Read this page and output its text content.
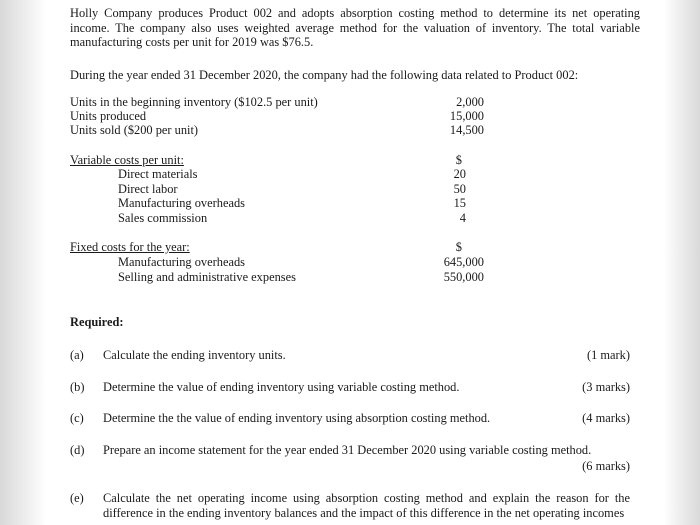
Holly Company produces Product 002 and adopts absorption costing method to determine its net operating income. The company also uses weighted average method for the valuation of inventory. The total variable manufacturing costs per unit for 2019 was $76.5.
During the year ended 31 December 2020, the company had the following data related to Product 002:
Units in the beginning inventory ($102.5 per unit)	2,000
Units produced	15,000
Units sold ($200 per unit)	14,500
Variable costs per unit:	$
Direct materials	20
Direct labor	50
Manufacturing overheads	15
Sales commission	4
Fixed costs for the year:	$
Manufacturing overheads	645,000
Selling and administrative expenses	550,000
Required:
(a) Calculate the ending inventory units.	(1 mark)
(b) Determine the value of ending inventory using variable costing method.	(3 marks)
(c) Determine the the value of ending inventory using absorption costing method.	(4 marks)
(d) Prepare an income statement for the year ended 31 December 2020 using variable costing method.
(6 marks)
(e) Calculate the net operating income using absorption costing method and explain the reason for the difference in the ending inventory balances and the impact of this difference in the net operating incomes
